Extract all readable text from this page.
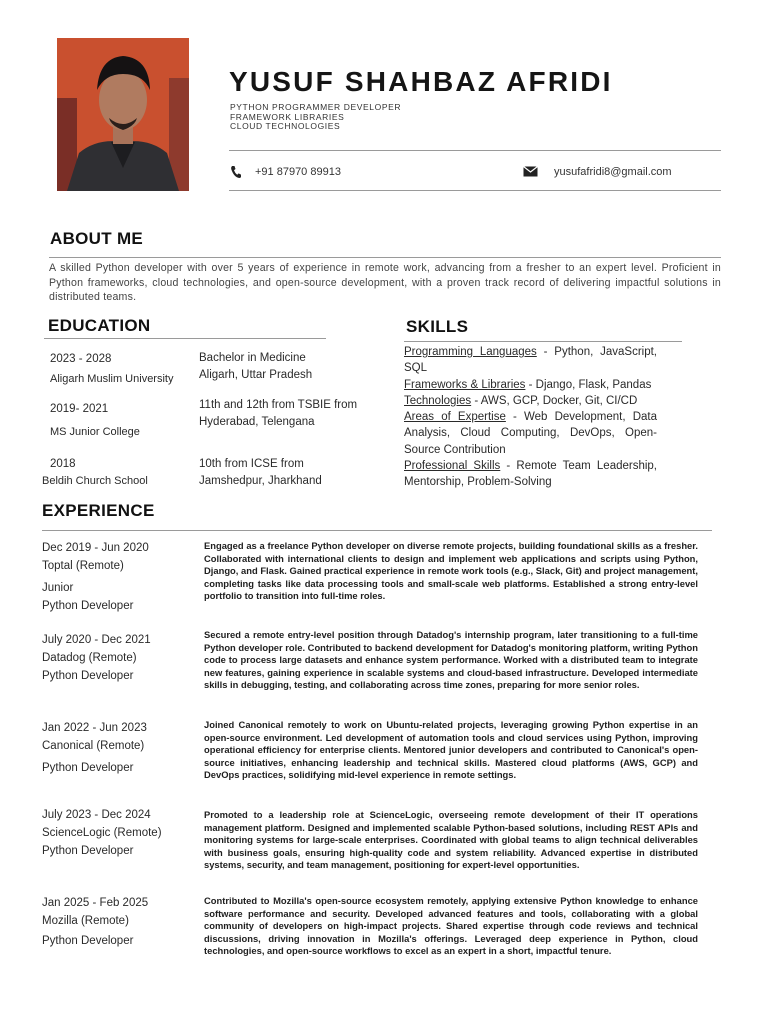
YUSUF SHAHBAZ AFRIDI
PYTHON PROGRAMMER DEVELOPER
FRAMEWORK LIBRARIES
CLOUD TECHNOLOGIES
+91 87970 89913	yusufafridi8@gmail.com
ABOUT ME
A skilled Python developer with over 5 years of experience in remote work, advancing from a fresher to an expert level. Proficient in Python frameworks, cloud technologies, and open-source development, with a proven track record of delivering impactful solutions in distributed teams.
EDUCATION
2023 - 2028
Aligarh Muslim University
Bachelor in Medicine
Aligarh, Uttar Pradesh
2019- 2021
MS Junior College
11th and 12th from TSBIE from
Hyderabad, Telengana
2018
Beldih Church School
10th from ICSE from
Jamshedpur, Jharkhand
SKILLS
Programming Languages - Python, JavaScript, SQL
Frameworks & Libraries - Django, Flask, Pandas
Technologies - AWS, GCP, Docker, Git, CI/CD
Areas of Expertise - Web Development, Data Analysis, Cloud Computing, DevOps, Open-Source Contribution
Professional Skills - Remote Team Leadership, Mentorship, Problem-Solving
EXPERIENCE
Dec 2019 - Jun 2020
Toptal (Remote)
Junior
Python Developer
Engaged as a freelance Python developer on diverse remote projects, building foundational skills as a fresher. Collaborated with international clients to design and implement web applications and scripts using Python, Django, and Flask. Gained practical experience in remote work tools (e.g., Slack, Git) and project management, completing tasks like data processing tools and small-scale web platforms. Established a strong entry-level portfolio to transition into full-time roles.
July 2020 - Dec 2021
Datadog (Remote)
Python Developer
Secured a remote entry-level position through Datadog's internship program, later transitioning to a full-time Python developer role. Contributed to backend development for Datadog's monitoring platform, writing Python code to process large datasets and enhance system performance. Worked with a distributed team to integrate new features, gaining experience in scalable systems and cloud-based infrastructure. Developed intermediate skills in debugging, testing, and collaborating across time zones, preparing for more senior roles.
Jan 2022 - Jun 2023
Canonical (Remote)
Python Developer
Joined Canonical remotely to work on Ubuntu-related projects, leveraging growing Python expertise in an open-source environment. Led development of automation tools and cloud services using Python, improving operational efficiency for enterprise clients. Mentored junior developers and contributed to Canonical's open-source initiatives, enhancing leadership and technical skills. Mastered cloud platforms (AWS, GCP) and DevOps practices, solidifying mid-level experience in remote settings.
July 2023 - Dec 2024
ScienceLogic (Remote)
Python Developer
Promoted to a leadership role at ScienceLogic, overseeing remote development of their IT operations management platform. Designed and implemented scalable Python-based solutions, including REST APIs and monitoring systems for large-scale enterprises. Coordinated with global teams to align technical deliverables with business goals, ensuring high-quality code and system reliability. Advanced expertise in distributed systems, security, and team management, positioning for expert-level opportunities.
Jan 2025 - Feb 2025
Mozilla (Remote)
Python Developer
Contributed to Mozilla's open-source ecosystem remotely, applying extensive Python knowledge to enhance software performance and security. Developed advanced features and tools, collaborating with a global community of developers on high-impact projects. Shared expertise through code reviews and technical discussions, driving innovation in Mozilla's offerings. Leveraged deep experience in Python, cloud technologies, and open-source workflows to excel as an expert in a short, impactful tenure.
